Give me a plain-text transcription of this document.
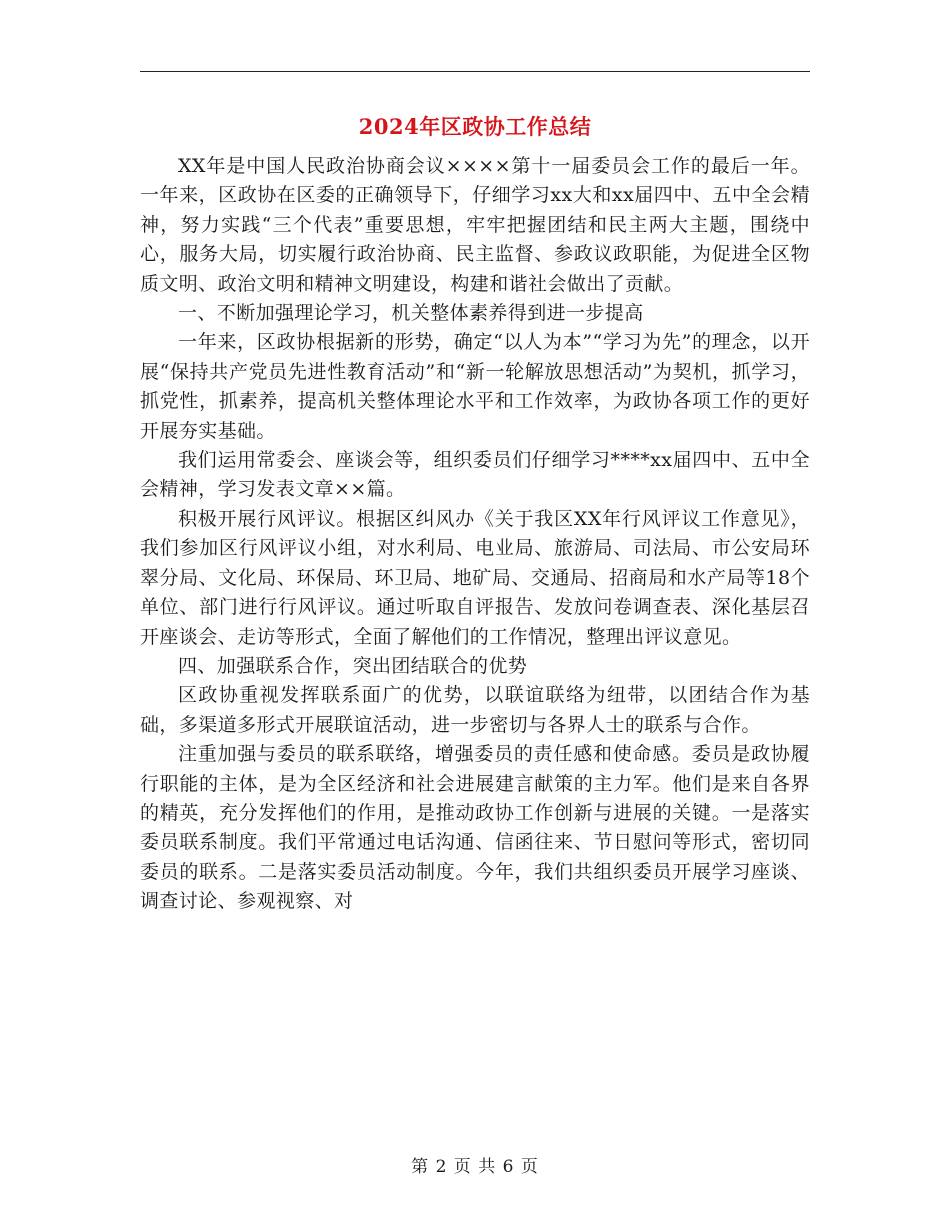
2024年区政协工作总结

XX年是中国人民政治协商会议××××第十一届委员会工作的最后一年。一年来，区政协在区委的正确领导下，仔细学习xx大和xx届四中、五中全会精神，努力实践“三个代表”重要思想，牢牢把握团结和民主两大主题，围绕中心，服务大局，切实履行政治协商、民主监督、参政议政职能，为促进全区物质文明、政治文明和精神文明建设，构建和谐社会做出了贡献。

一、不断加强理论学习，机关整体素养得到进一步提高

一年来，区政协根据新的形势，确定“以人为本”“学习为先”的理念，以开展“保持共产党员先进性教育活动”和“新一轮解放思想活动”为契机，抓学习，抓党性，抓素养，提高机关整体理论水平和工作效率，为政协各项工作的更好开展夯实基础。

我们运用常委会、座谈会等，组织委员们仔细学习****xx届四中、五中全会精神，学习发表文章××篇。

积极开展行风评议。根据区纠风办《关于我区XX年行风评议工作意见》，我们参加区行风评议小组，对水利局、电业局、旅游局、司法局、市公安局环翠分局、文化局、环保局、环卫局、地矿局、交通局、招商局和水产局等18个单位、部门进行行风评议。通过听取自评报告、发放问卷调查表、深化基层召开座谈会、走访等形式，全面了解他们的工作情况，整理出评议意见。

四、加强联系合作，突出团结联合的优势

区政协重视发挥联系面广的优势，以联谊联络为纽带，以团结合作为基础，多渠道多形式开展联谊活动，进一步密切与各界人士的联系与合作。

注重加强与委员的联系联络，增强委员的责任感和使命感。委员是政协履行职能的主体，是为全区经济和社会进展建言献策的主力军。他们是来自各界的精英，充分发挥他们的作用，是推动政协工作创新与进展的关键。一是落实委员联系制度。我们平常通过电话沟通、信函往来、节日慰问等形式，密切同委员的联系。二是落实委员活动制度。今年，我们共组织委员开展学习座谈、调查讨论、参观视察、对

第 2 页 共 6 页
